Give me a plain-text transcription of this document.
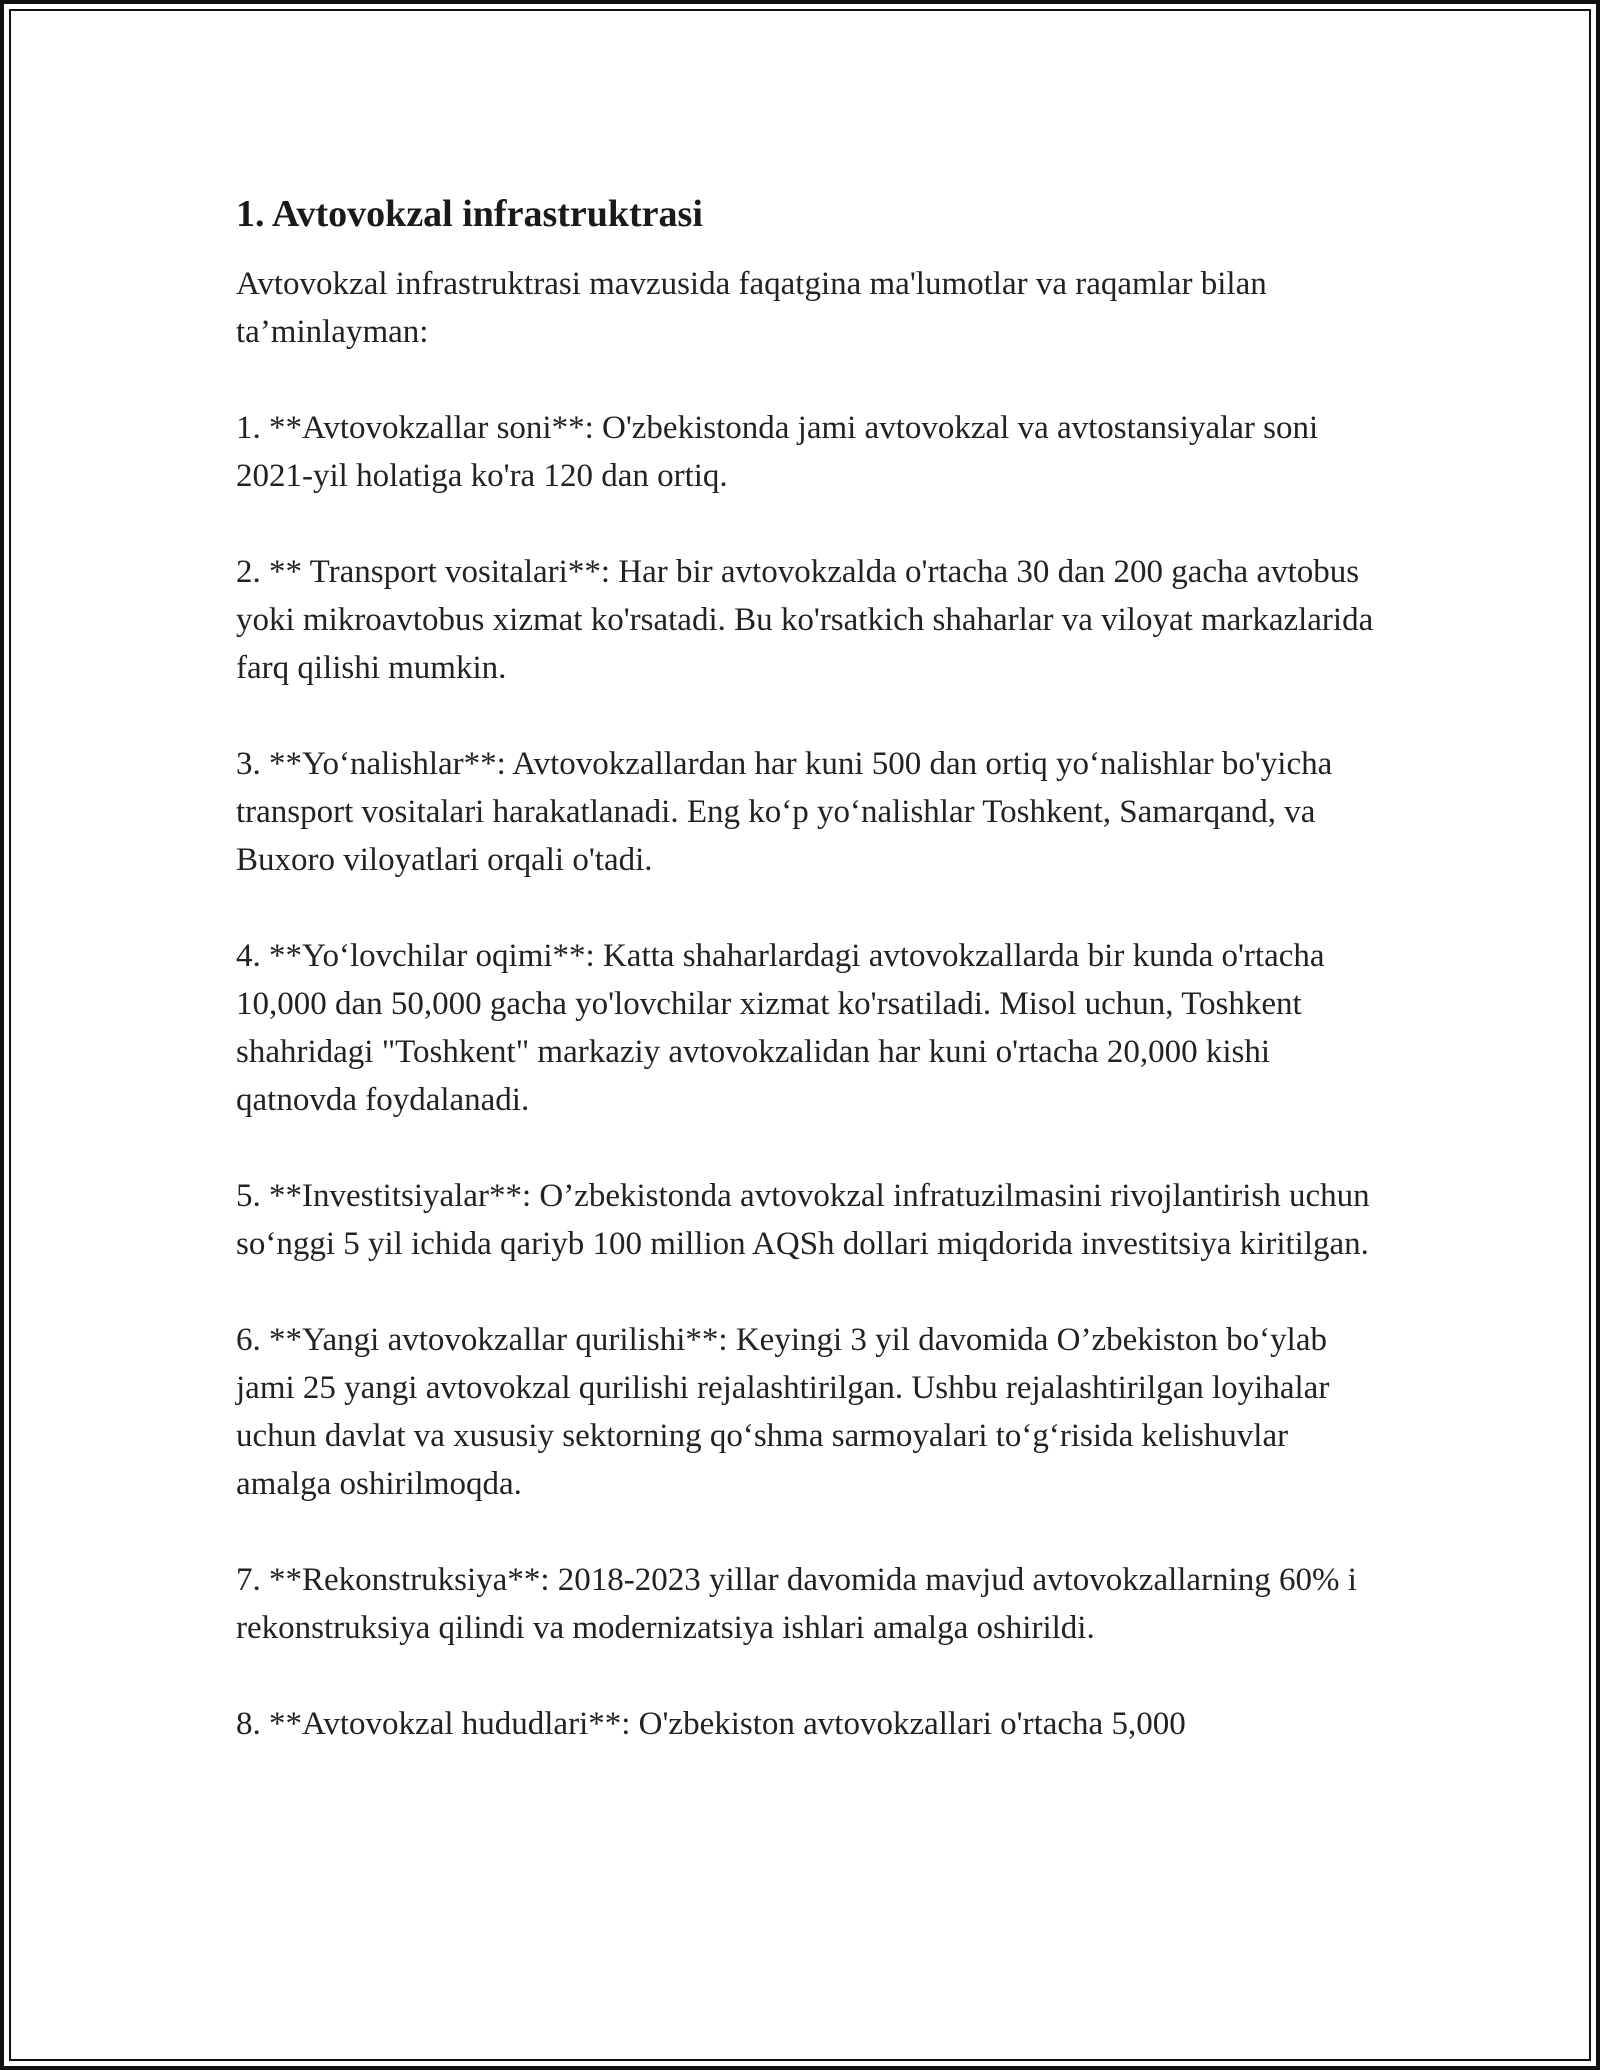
1. Avtovokzal infrastruktrasi

Avtovokzal infrastruktrasi mavzusida faqatgina ma'lumotlar va raqamlar bilan ta’minlayman:

1. **Avtovokzallar soni**: O'zbekistonda jami avtovokzal va avtostansiyalar soni 2021-yil holatiga ko'ra 120 dan ortiq.

2. ** Transport vositalari**: Har bir avtovokzalda o'rtacha 30 dan 200 gacha avtobus yoki mikroavtobus xizmat ko'rsatadi. Bu ko'rsatkich shaharlar va viloyat markazlarida farq qilishi mumkin.

3. **Yo‘nalishlar**: Avtovokzallardan har kuni 500 dan ortiq yo‘nalishlar bo'yicha transport vositalari harakatlanadi. Eng ko‘p yo‘nalishlar Toshkent, Samarqand, va Buxoro viloyatlari orqali o'tadi.

4. **Yo‘lovchilar oqimi**: Katta shaharlardagi avtovokzallarda bir kunda o'rtacha 10,000 dan 50,000 gacha yo'lovchilar xizmat ko'rsatiladi. Misol uchun, Toshkent shahridagi "Toshkent" markaziy avtovokzalidan har kuni o'rtacha 20,000 kishi qatnovda foydalanadi.

5. **Investitsiyalar**: O’zbekistonda avtovokzal infratuzilmasini rivojlantirish uchun so‘nggi 5 yil ichida qariyb 100 million AQSh dollari miqdorida investitsiya kiritilgan.

6. **Yangi avtovokzallar qurilishi**: Keyingi 3 yil davomida O’zbekiston bo‘ylab jami 25 yangi avtovokzal qurilishi rejalashtirilgan. Ushbu rejalashtirilgan loyihalar uchun davlat va xususiy sektorning qo‘shma sarmoyalari to‘g‘risida kelishuvlar amalga oshirilmoqda.

7. **Rekonstruksiya**: 2018-2023 yillar davomida mavjud avtovokzallarning 60% i rekonstruksiya qilindi va modernizatsiya ishlari amalga oshirildi.

8. **Avtovokzal hududlari**: O'zbekiston avtovokzallari o'rtacha 5,000
